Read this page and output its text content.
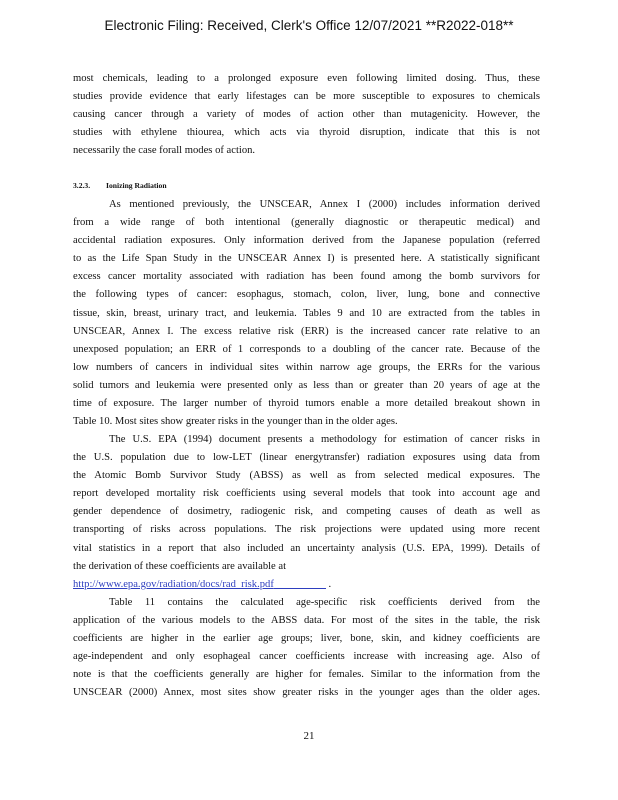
Electronic Filing: Received, Clerk's Office 12/07/2021 **R2022-018**
most chemicals, leading to a prolonged exposure even following limited dosing. Thus, these
studies provide evidence that early lifestages can be more susceptible to exposures to chemicals
causing cancer through a variety of modes of action other than mutagenicity. However, the
studies with ethylene thiourea, which acts via thyroid disruption, indicate that this is not
necessarily the case forall modes of action.
3.2.3. Ionizing Radiation
As mentioned previously, the UNSCEAR, Annex I (2000) includes information derived
from a wide range of both intentional (generally diagnostic or therapeutic medical) and
accidental radiation exposures. Only information derived from the Japanese population (referred
to as the Life Span Study in the UNSCEAR Annex I) is presented here. A statistically significant
excess cancer mortality associated with radiation has been found among the bomb survivors for
the following types of cancer: esophagus, stomach, colon, liver, lung, bone and connective
tissue, skin, breast, urinary tract, and leukemia. Tables 9 and 10 are extracted from the tables in
UNSCEAR, Annex I. The excess relative risk (ERR) is the increased cancer rate relative to an
unexposed population; an ERR of 1 corresponds to a doubling of the cancer rate. Because of the
low numbers of cancers in individual sites within narrow age groups, the ERRs for the various
solid tumors and leukemia were presented only as less than or greater than 20 years of age at the
time of exposure. The larger number of thyroid tumors enable a more detailed breakout shown in
Table 10. Most sites show greater risks in the younger than in the older ages.
The U.S. EPA (1994) document presents a methodology for estimation of cancer risks in
the U.S. population due to low-LET (linear energytransfer) radiation exposures using data from
the Atomic Bomb Survivor Study (ABSS) as well as from selected medical exposures. The
report developed mortality risk coefficients using several models that took into account age and
gender dependence of dosimetry, radiogenic risk, and competing causes of death as well as
transporting of risks across populations. The risk projections were updated using more recent
vital statistics in a report that also included an uncertainty analysis (U.S. EPA, 1999). Details of
the derivation of these coefficients are available at
http://www.epa.gov/radiation/docs/rad_risk.pdf	.
Table 11 contains the calculated age-specific risk coefficients derived from the
application of the various models to the ABSS data. For most of the sites in the table, the risk
coefficients are higher in the earlier age groups; liver, bone, skin, and kidney coefficients are
age-independent and only esophageal cancer coefficients increase with increasing age. Also of
note is that the coefficients generally are higher for females. Similar to the information from the
UNSCEAR (2000) Annex, most sites show greater risks in the younger ages than the older ages.
21
